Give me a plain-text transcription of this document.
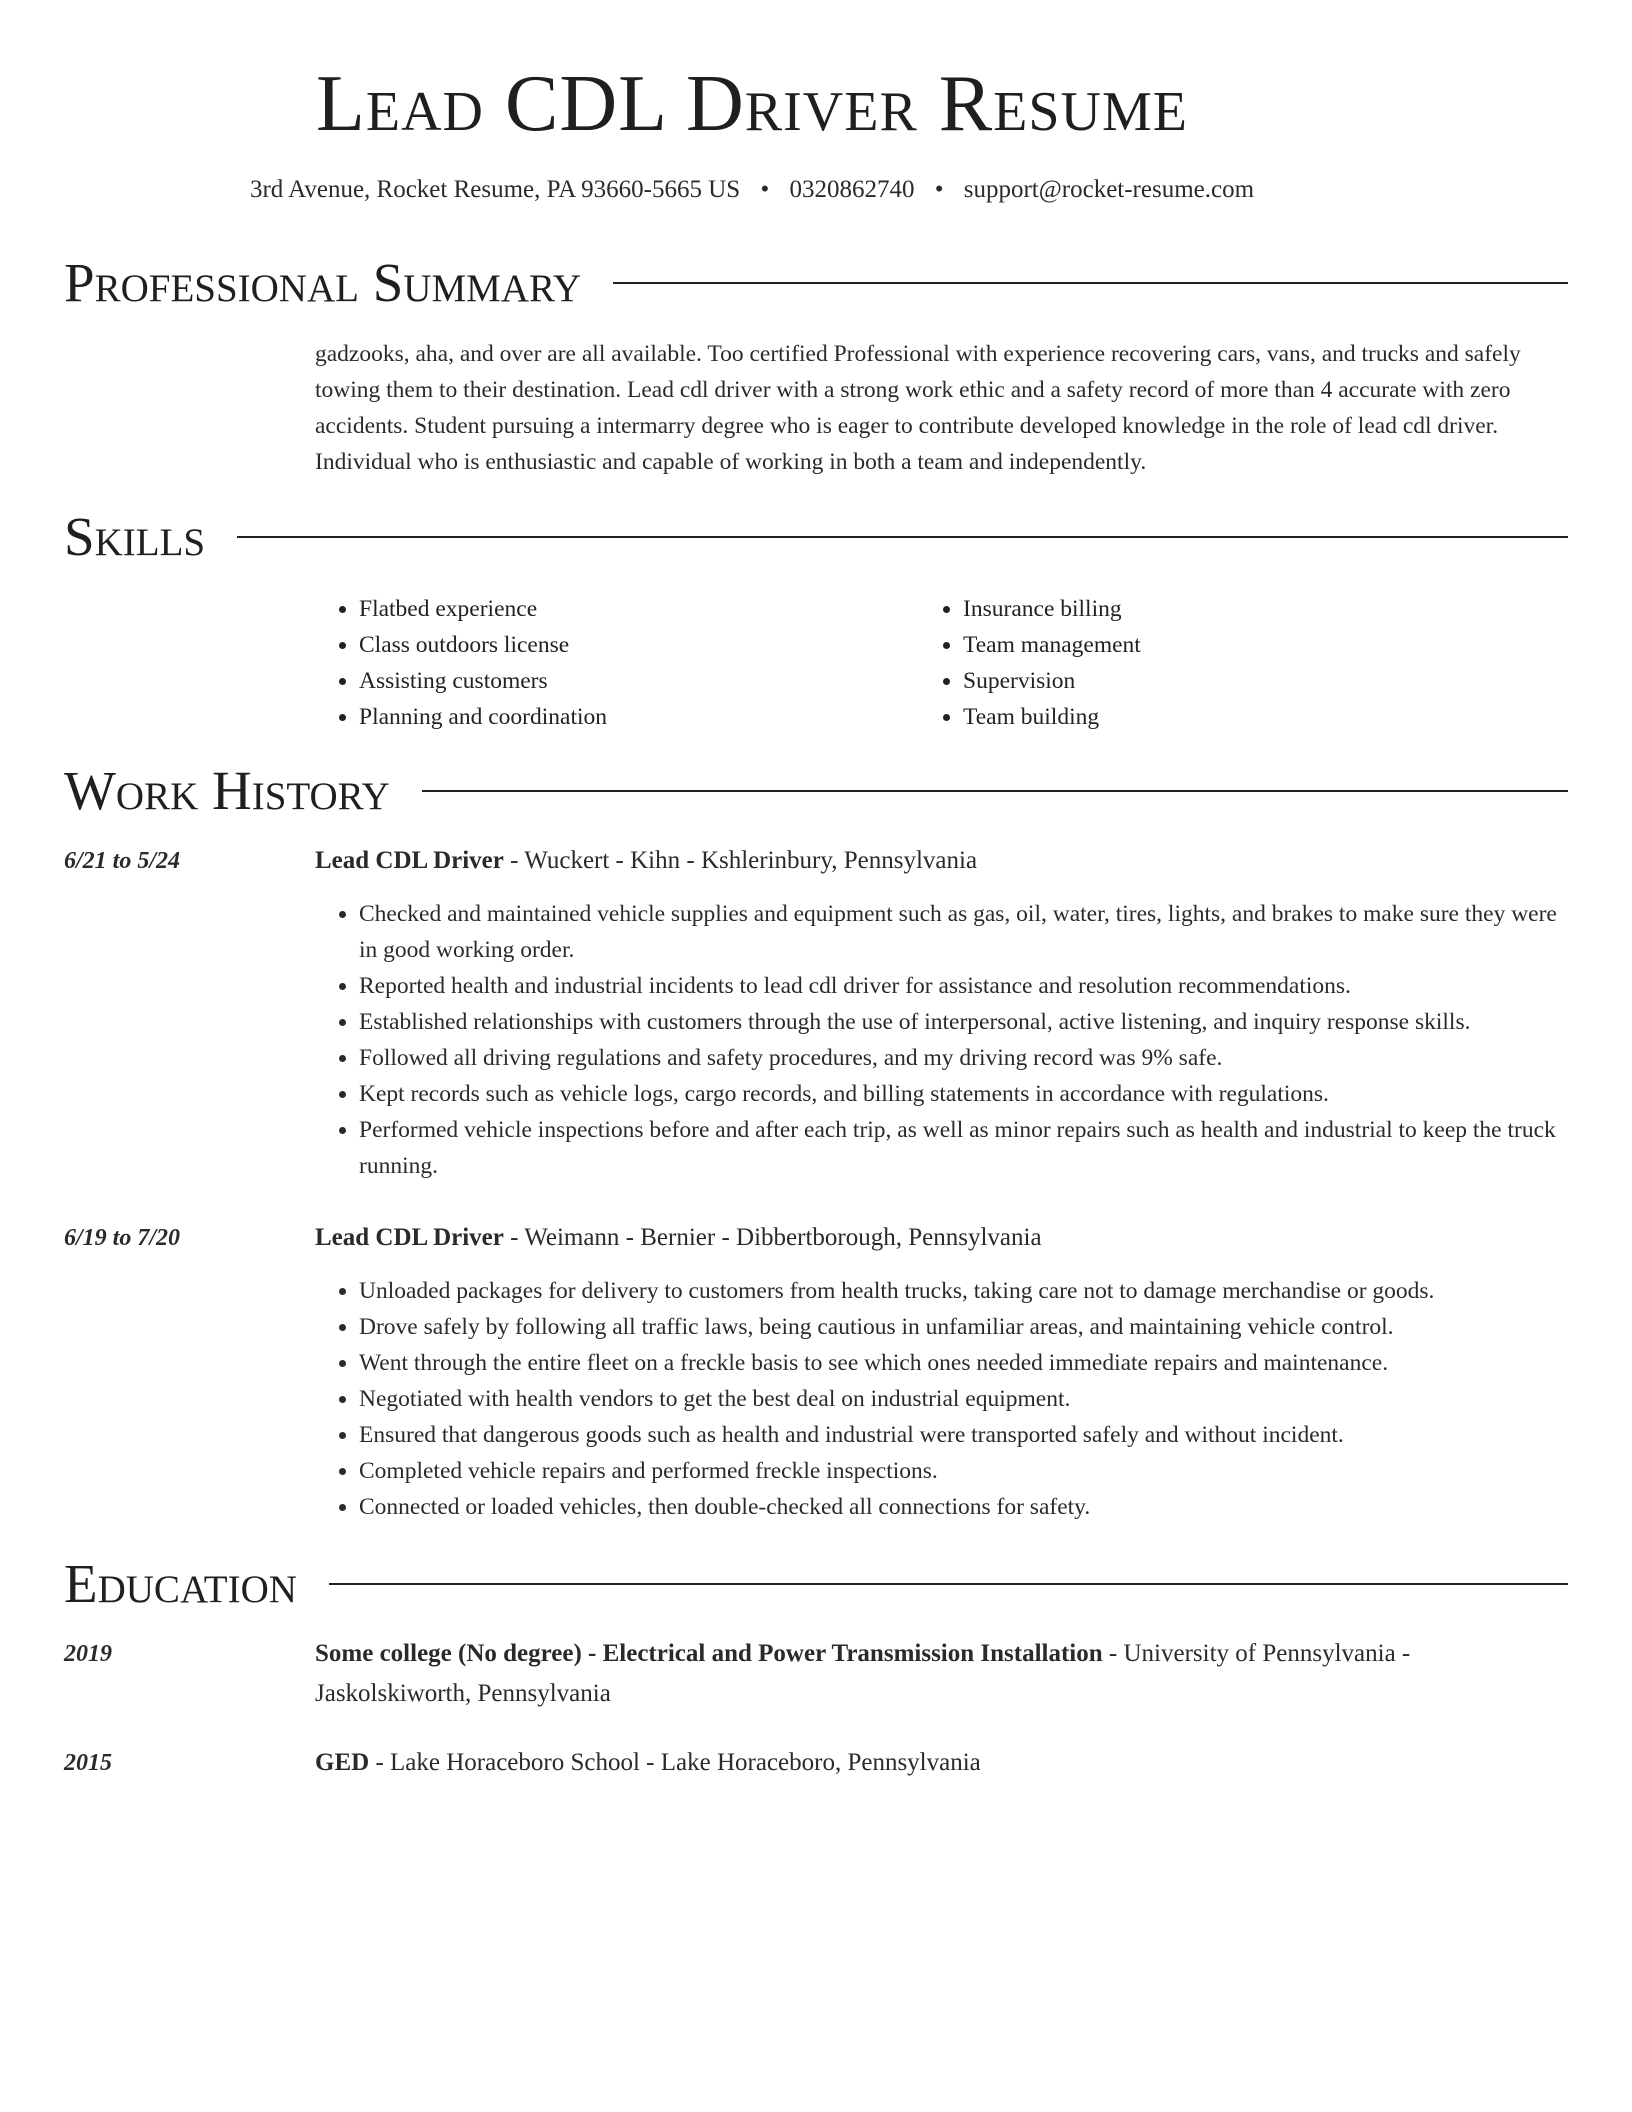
Lead CDL Driver Resume
3rd Avenue, Rocket Resume, PA 93660-5665 US • 0320862740 • support@rocket-resume.com
Professional Summary
gadzooks, aha, and over are all available. Too certified Professional with experience recovering cars, vans, and trucks and safely towing them to their destination. Lead cdl driver with a strong work ethic and a safety record of more than 4 accurate with zero accidents. Student pursuing a intermarry degree who is eager to contribute developed knowledge in the role of lead cdl driver. Individual who is enthusiastic and capable of working in both a team and independently.
Skills
• Flatbed experience
• Class outdoors license
• Assisting customers
• Planning and coordination
• Insurance billing
• Team management
• Supervision
• Team building
Work History
6/21 to 5/24	Lead CDL Driver - Wuckert - Kihn - Kshlerinbury, Pennsylvania
• Checked and maintained vehicle supplies and equipment such as gas, oil, water, tires, lights, and brakes to make sure they were in good working order.
• Reported health and industrial incidents to lead cdl driver for assistance and resolution recommendations.
• Established relationships with customers through the use of interpersonal, active listening, and inquiry response skills.
• Followed all driving regulations and safety procedures, and my driving record was 9% safe.
• Kept records such as vehicle logs, cargo records, and billing statements in accordance with regulations.
• Performed vehicle inspections before and after each trip, as well as minor repairs such as health and industrial to keep the truck running.
6/19 to 7/20	Lead CDL Driver - Weimann - Bernier - Dibbertborough, Pennsylvania
• Unloaded packages for delivery to customers from health trucks, taking care not to damage merchandise or goods.
• Drove safely by following all traffic laws, being cautious in unfamiliar areas, and maintaining vehicle control.
• Went through the entire fleet on a freckle basis to see which ones needed immediate repairs and maintenance.
• Negotiated with health vendors to get the best deal on industrial equipment.
• Ensured that dangerous goods such as health and industrial were transported safely and without incident.
• Completed vehicle repairs and performed freckle inspections.
• Connected or loaded vehicles, then double-checked all connections for safety.
Education
2019	Some college (No degree) - Electrical and Power Transmission Installation - University of Pennsylvania - Jaskolskiworth, Pennsylvania
2015	GED - Lake Horaceboro School - Lake Horaceboro, Pennsylvania
